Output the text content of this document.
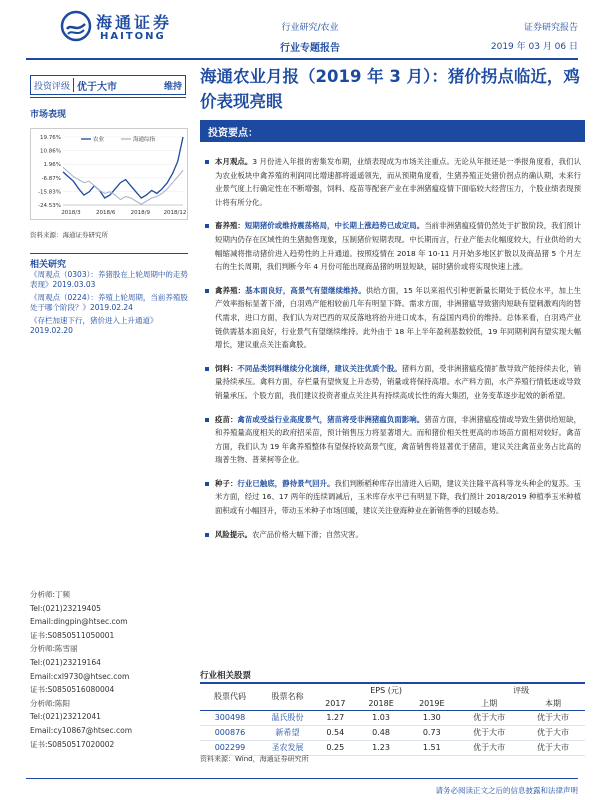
海通证券
HAITONG
行业研究/农业
行业专题报告
证券研究报告
2019 年 03 月 06 日
投资评级 优于大市	维持
市场表现
19.76%
10.86%
1.96%
-6.87%
-15.83%
-24.53%
2018/3	2018/6	2018/9 2018/12
农业	海通综指
资料来源：海通证券研究所
相关研究
《周观点（0303）：养猪股在上轮周期中的走势表现》2019.03.03
《周观点（0224）：养殖上轮周期，当前养殖股处于哪个阶段？》2019.02.24
《存栏加速下行，猪价进入上升通道》2019.02.20
分析师:丁频
Tel:(021)23219405
Email:dingpin@htsec.com
证书:S0850511050001
分析师:陈雪丽
Tel:(021)23219164
Email:cxl9730@htsec.com
证书:S0850516080004
分析师:陈阳
Tel:(021)23212041
Email:cy10867@htsec.com
证书:S0850517020002
海通农业月报（2019 年 3 月）：猪价拐点临近，鸡价表现亮眼
投资要点：
本月观点。3 月份进入年报的密集发布期，业绩表现成为市场关注重点。无论从年报还是一季报角度看，我们认为农业板块中禽养殖的利润同比增速都将遥遥领先，而从预期角度看，生猪养殖正处猪价拐点的确认期，未来行业景气度上行确定性在不断增强，饲料、疫苗等配套产业在非洲猪瘟疫情下面临较大经营压力，个股业绩表现预计将有所分化。
畜养殖：短期猪价或维持震荡格局，中长期上涨趋势已成定局。当前非洲猪瘟疫情仍然处于扩散阶段，我们预计短期内仍存在区域性的生猪抛售现象，压制猪价短期表现。中长期而言，行业产能去化幅度较大，行业供给的大幅缩减将推动猪价进入趋势性的上升通道。按照疫情在 2018 年 10-11 月开始多地区扩散以及商品猪 5 个月左右的生长周期，我们判断今年 4 月份可能出现商品猪的明显短缺，届时猪价或将实现快速上涨。
禽养殖：基本面良好，高景气有望继续维持。供给方面，15 年以来祖代引种更新量长期处于低位水平，加上生产效率指标显著下滑，白羽鸡产能相较前几年有明显下降。需求方面，非洲猪瘟导致猪肉短缺有望刺激鸡肉的替代需求，进口方面，我们认为对巴西的双反落地将抬升进口成本，有益国内鸡价的维持。总体来看，白羽鸡产业链供需基本面良好，行业景气有望继续维持。此外由于 18 年上半年盈利基数较低，19 年同期利润有望实现大幅增长，建议重点关注畜禽股。
饲料：不同品类饲料继续分化演绎，建议关注优质个股。猪料方面，受非洲猪瘟疫情扩散导致产能持续去化，销量持续承压。禽料方面，存栏量有望恢复上升态势，销量或将保持高增。水产料方面，水产养殖行情低迷或导致销量承压。个股方面，我们建议投资者重点关注具有持续高成长性的海大集团，业务变革逐步起效的新希望。
疫苗：禽苗或受益行业高度景气，猪苗将受非洲猪瘟负面影响。猪苗方面，非洲猪瘟疫情或导致生猪供给短缺，和养殖量高度相关的政府招采苗，预计销售压力将显著增大。而和猪价相关性更高的市场苗方面相对较好。禽苗方面，我们认为 19 年禽养殖整体有望保持较高景气度，禽苗销售将显著优于猪苗，建议关注禽苗业务占比高的瑞普生物、普莱柯等企业。
种子：行业已触底，静待景气回升。我们判断稻种库存出清进入后期，建议关注隆平高科等龙头种企的复苏。玉米方面，经过 16、17 两年的连续调减后，玉米库存水平已有明显下降，我们预计 2018/2019 种植季玉米种植面积或有小幅回升，带动玉米种子市场回暖，建议关注登海种业在新销售季的回暖态势。
风险提示。农产品价格大幅下滑；自然灾害。
行业相关股票
股票代码	股票名称	EPS (元)			评级	
		2017	2018E	2019E	上期	本期
300498	温氏股份	1.27	1.03	1.30	优于大市	优于大市
000876	新希望	0.54	0.48	0.73	优于大市	优于大市
002299	圣农发展	0.25	1.23	1.51	优于大市	优于大市
资料来源：Wind，海通证券研究所
请务必阅读正文之后的信息披露和法律声明
